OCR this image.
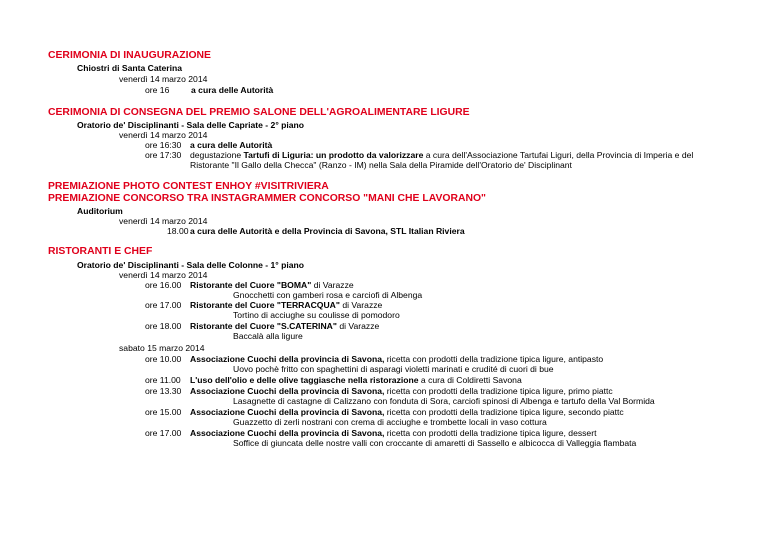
CERIMONIA DI INAUGURAZIONE
Chiostri di Santa Caterina
venerdì 14 marzo 2014
ore 16	a cura delle Autorità
CERIMONIA DI CONSEGNA DEL PREMIO SALONE DELL'AGROALIMENTARE LIGURE
Oratorio de' Disciplinanti - Sala delle Capriate - 2° piano
venerdì 14 marzo 2014
ore 16:30 a cura delle Autorità
ore 17:30 degustazione Tartufi di Liguria: un prodotto da valorizzare a cura dell'Associazione Tartufai Liguri, della Provincia di Imperia e del
Ristorante "Il Gallo della Checca" (Ranzo - IM) nella Sala della Piramide dell'Oratorio de' Disciplinant
PREMIAZIONE PHOTO CONTEST ENHOY #VISITRIVIERA
PREMIAZIONE CONCORSO TRA INSTAGRAMMER CONCORSO "MANI CHE LAVORANO"
Auditorium
venerdì 14 marzo 2014
18.00 a cura delle Autorità e della Provincia di Savona, STL Italian Riviera
RISTORANTI E CHEF
Oratorio de' Disciplinanti - Sala delle Colonne - 1° piano
venerdì 14 marzo 2014
ore 16.00 Ristorante del Cuore "BOMA" di Varazze
Gnocchetti con gamberi rosa e carciofi di Albenga
ore 17.00 Ristorante del Cuore "TERRACQUA" di Varazze
Tortino di acciughe su coulisse di pomodoro
ore 18.00 Ristorante del Cuore "S.CATERINA" di Varazze
Baccalà alla ligure
sabato 15 marzo 2014
ore 10.00 Associazione Cuochi della provincia di Savona, ricetta con prodotti della tradizione tipica ligure, antipasto
Uovo pochè fritto con spaghettini di asparagi violetti marinati e crudité di cuori di bue
ore 11.00 L'uso dell'olio e delle olive taggiasche nella ristorazione a cura di Coldiretti Savona
ore 13.30 Associazione Cuochi della provincia di Savona, ricetta con prodotti della tradizione tipica ligure, primo piattc
Lasagnette di castagne di Calizzano con fonduta di Sora, carciofi spinosi di Albenga e tartufo della Val Bormida
ore 15.00 Associazione Cuochi della provincia di Savona, ricetta con prodotti della tradizione tipica ligure, secondo piattc
Guazzetto di zerli nostrani con crema di acciughe e trombette locali in vaso cottura
ore 17.00 Associazione Cuochi della provincia di Savona, ricetta con prodotti della tradizione tipica ligure, dessert
Soffice di giuncata delle nostre valli con croccante di amaretti di Sassello e albicocca di Valleggia flambata
